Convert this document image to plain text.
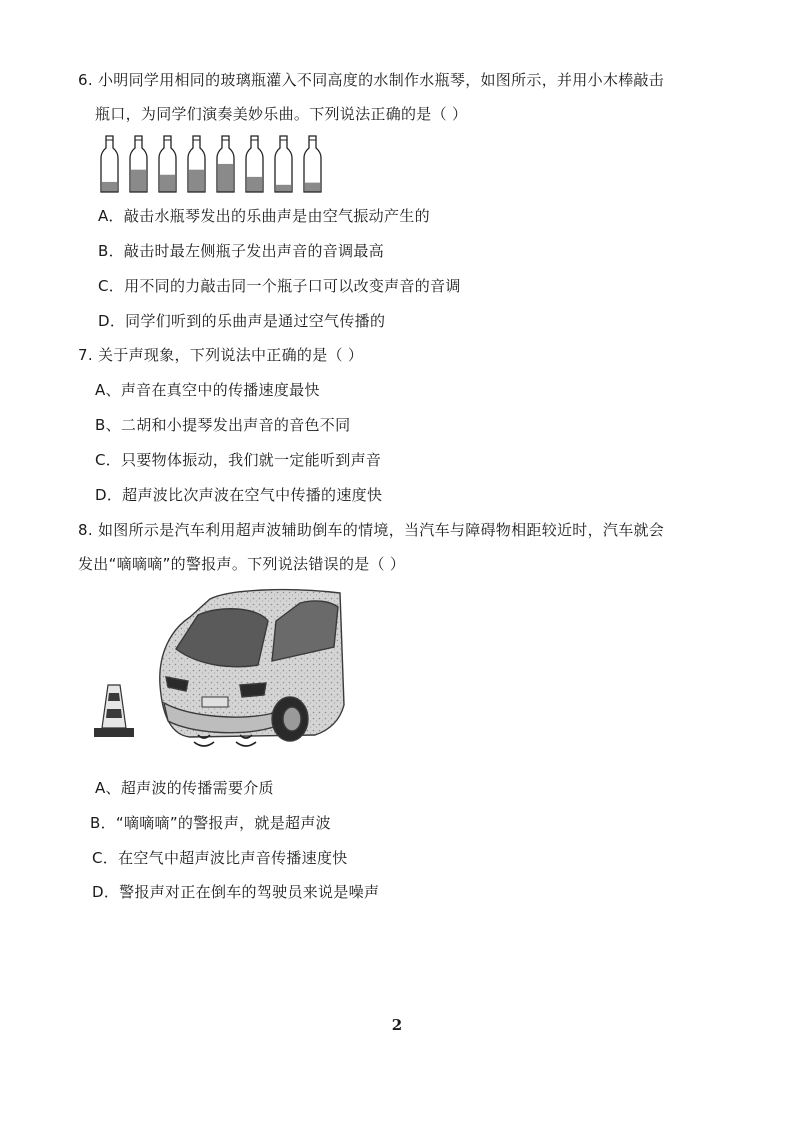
6. 小明同学用相同的玻璃瓶灌入不同高度的水制作水瓶琴，如图所示，并用小木棒敲击
瓶口，为同学们演奏美妙乐曲。下列说法正确的是（ ）
A．敲击水瓶琴发出的乐曲声是由空气振动产生的
B．敲击时最左侧瓶子发出声音的音调最高
C．用不同的力敲击同一个瓶子口可以改变声音的音调
D．同学们听到的乐曲声是通过空气传播的
7. 关于声现象，下列说法中正确的是（ ）
A、声音在真空中的传播速度最快
B、二胡和小提琴发出声音的音色不同
C．只要物体振动，我们就一定能听到声音
D．超声波比次声波在空气中传播的速度快
8. 如图所示是汽车利用超声波辅助倒车的情境，当汽车与障碍物相距较近时，汽车就会
发出“嘀嘀嘀”的警报声。下列说法错误的是（ ）
A、超声波的传播需要介质
B．“嘀嘀嘀”的警报声，就是超声波
C．在空气中超声波比声音传播速度快
D．警报声对正在倒车的驾驶员来说是噪声
2
